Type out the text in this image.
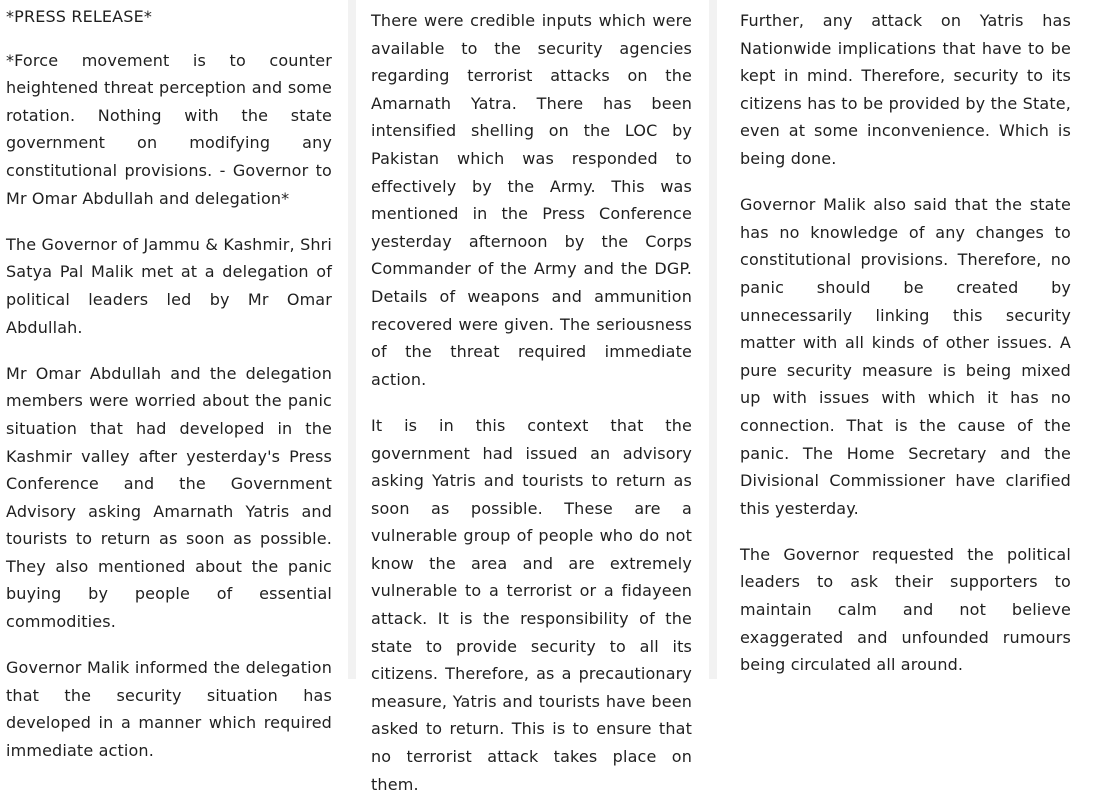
*PRESS RELEASE*

*Force movement is to counter heightened threat perception and some rotation. Nothing with the state government on modifying any constitutional provisions. - Governor to Mr Omar Abdullah and delegation*

The Governor of Jammu & Kashmir, Shri Satya Pal Malik met at a delegation of political leaders led by Mr Omar Abdullah.

Mr Omar Abdullah and the delegation members were worried about the panic situation that had developed in the Kashmir valley after yesterday's Press Conference and the Government Advisory asking Amarnath Yatris and tourists to return as soon as possible. They also mentioned about the panic buying by people of essential commodities.

Governor Malik informed the delegation that the security situation has developed in a manner which required immediate action.

There were credible inputs which were available to the security agencies regarding terrorist attacks on the Amarnath Yatra. There has been intensified shelling on the LOC by Pakistan which was responded to effectively by the Army. This was mentioned in the Press Conference yesterday afternoon by the Corps Commander of the Army and the DGP. Details of weapons and ammunition recovered were given. The seriousness of the threat required immediate action.

It is in this context that the government had issued an advisory asking Yatris and tourists to return as soon as possible. These are a vulnerable group of people who do not know the area and are extremely vulnerable to a terrorist or a fidayeen attack. It is the responsibility of the state to provide security to all its citizens. Therefore, as a precautionary measure, Yatris and tourists have been asked to return. This is to ensure that no terrorist attack takes place on them.

Further, any attack on Yatris has Nationwide implications that have to be kept in mind. Therefore, security to its citizens has to be provided by the State, even at some inconvenience. Which is being done.

Governor Malik also said that the state has no knowledge of any changes to constitutional provisions. Therefore, no panic should be created by unnecessarily linking this security matter with all kinds of other issues. A pure security measure is being mixed up with issues with which it has no connection. That is the cause of the panic. The Home Secretary and the Divisional Commissioner have clarified this yesterday.

The Governor requested the political leaders to ask their supporters to maintain calm and not believe exaggerated and unfounded rumours being circulated all around.
